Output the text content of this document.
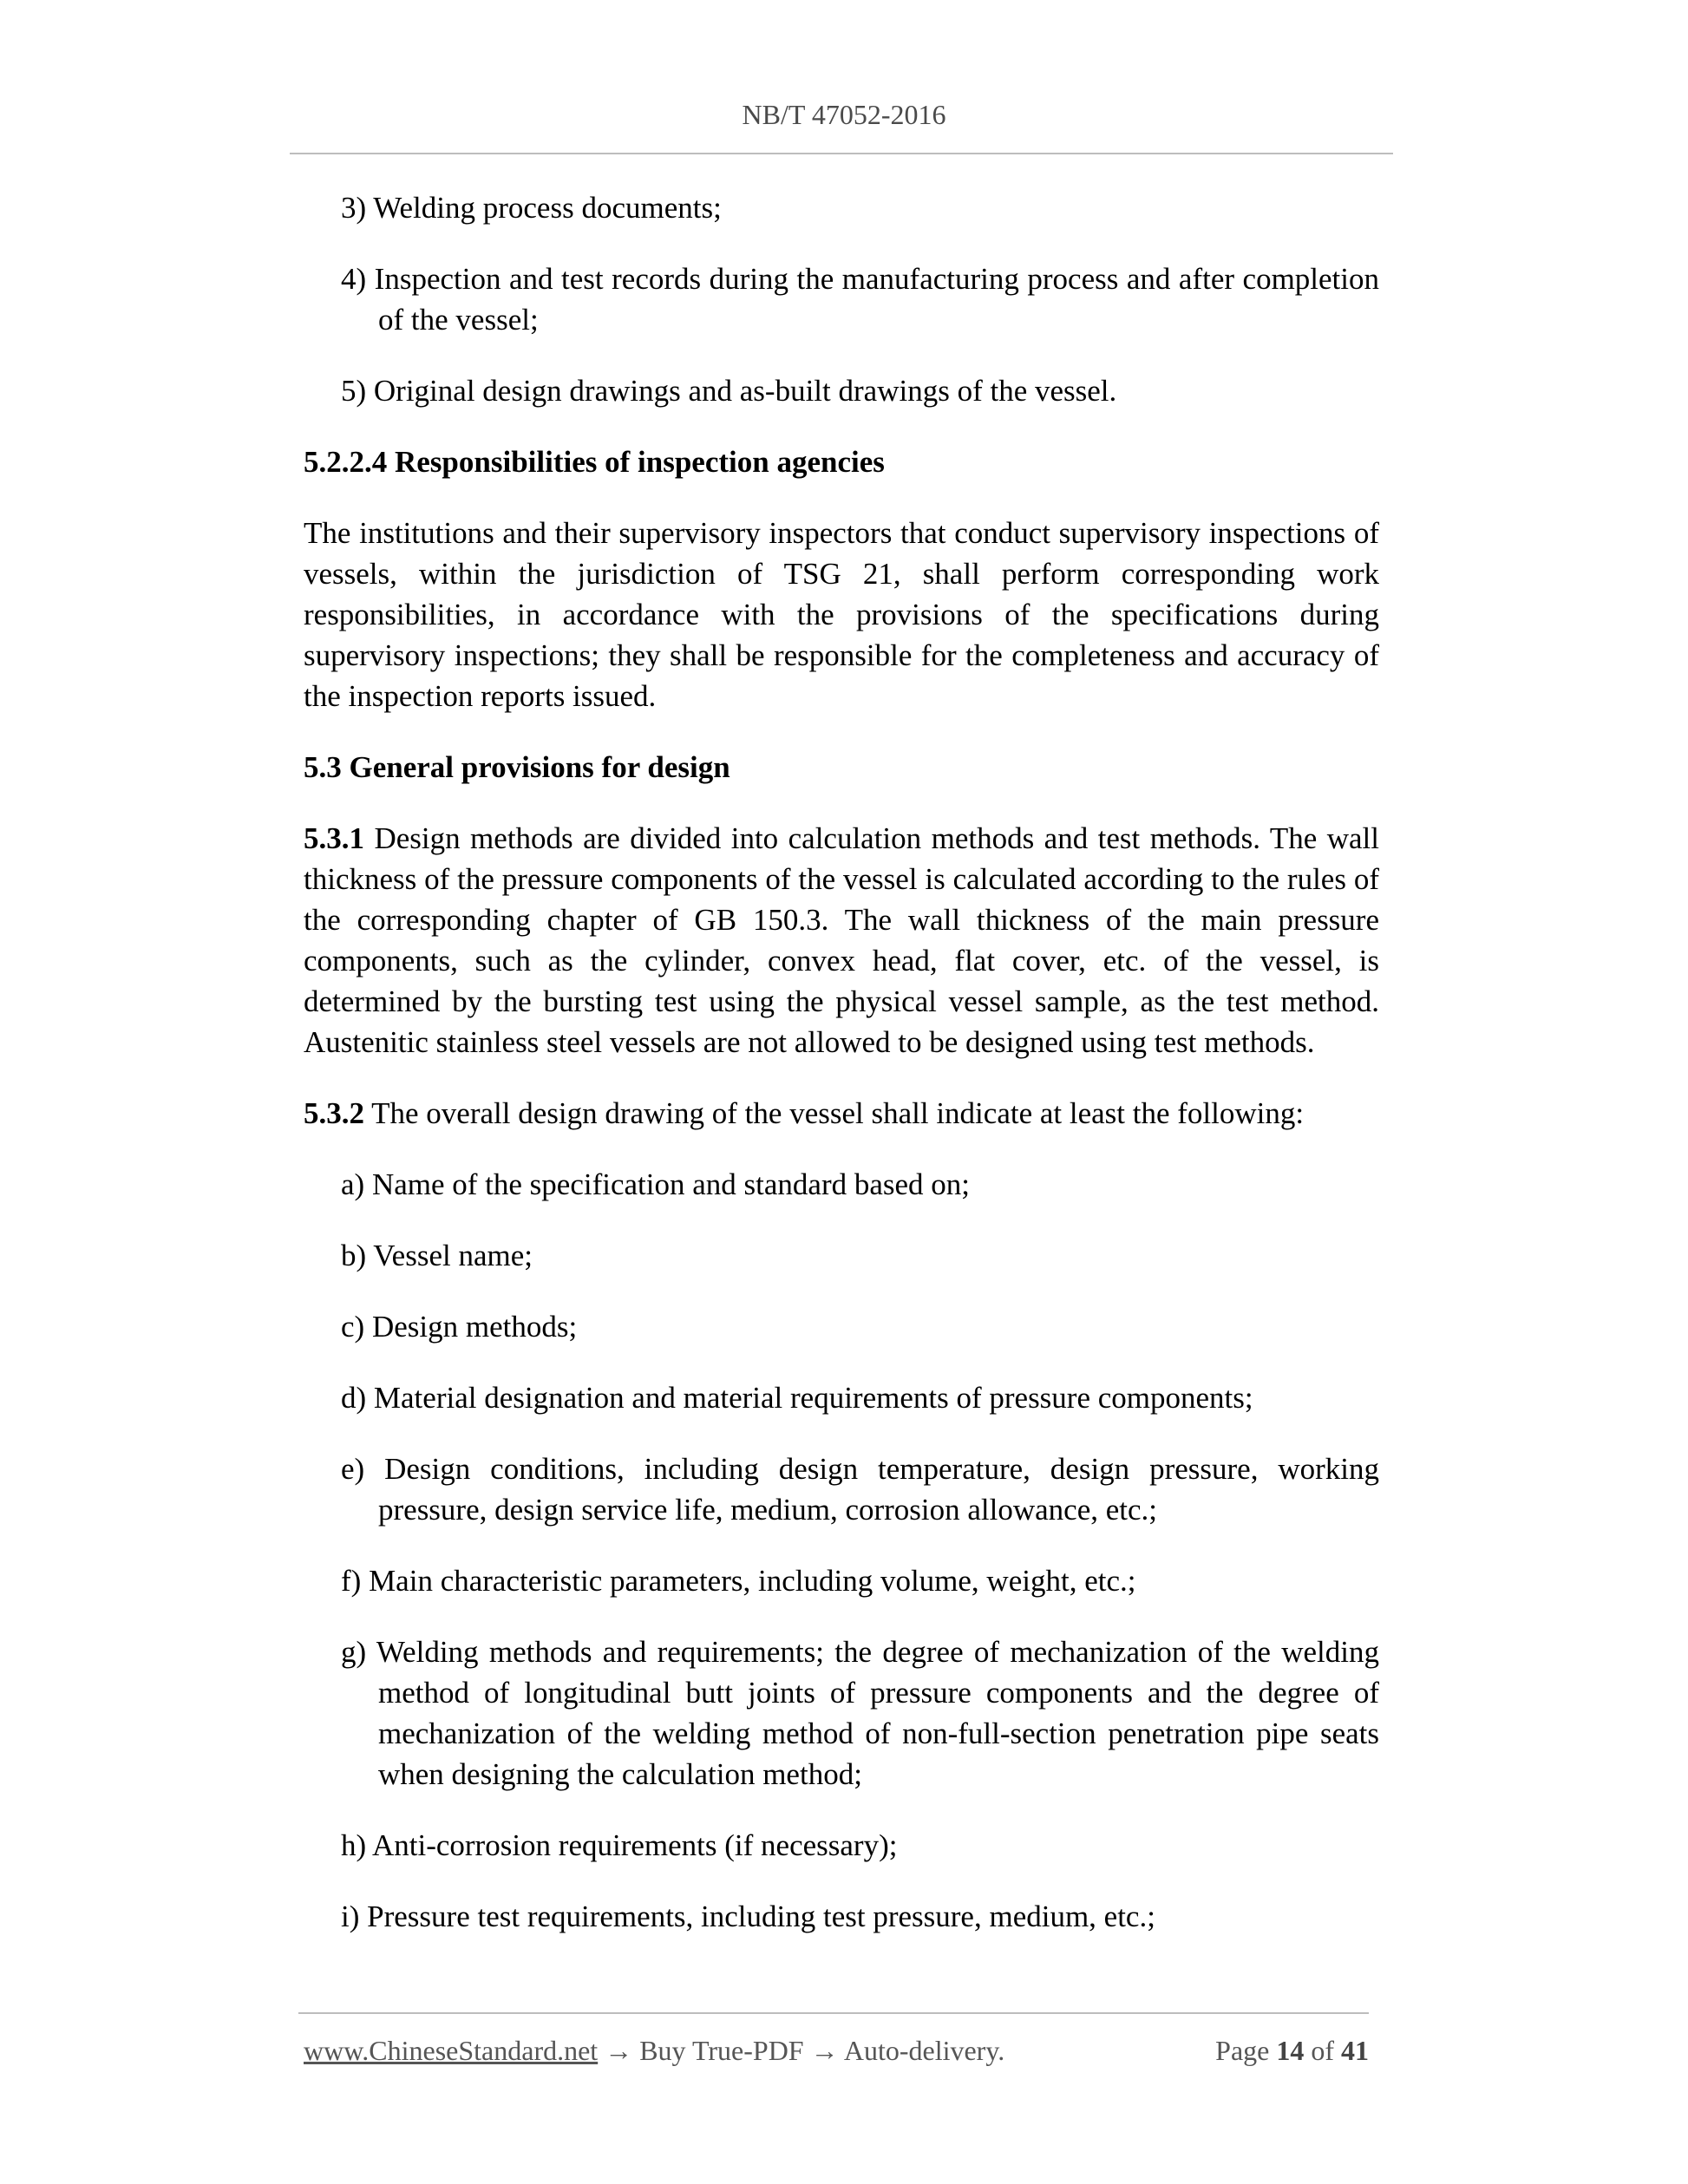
NB/T 47052-2016
3) Welding process documents;
4) Inspection and test records during the manufacturing process and after completion of the vessel;
5) Original design drawings and as-built drawings of the vessel.
5.2.2.4 Responsibilities of inspection agencies
The institutions and their supervisory inspectors that conduct supervisory inspections of vessels, within the jurisdiction of TSG 21, shall perform corresponding work responsibilities, in accordance with the provisions of the specifications during supervisory inspections; they shall be responsible for the completeness and accuracy of the inspection reports issued.
5.3 General provisions for design
5.3.1 Design methods are divided into calculation methods and test methods. The wall thickness of the pressure components of the vessel is calculated according to the rules of the corresponding chapter of GB 150.3. The wall thickness of the main pressure components, such as the cylinder, convex head, flat cover, etc. of the vessel, is determined by the bursting test using the physical vessel sample, as the test method. Austenitic stainless steel vessels are not allowed to be designed using test methods.
5.3.2 The overall design drawing of the vessel shall indicate at least the following:
a) Name of the specification and standard based on;
b) Vessel name;
c) Design methods;
d) Material designation and material requirements of pressure components;
e) Design conditions, including design temperature, design pressure, working pressure, design service life, medium, corrosion allowance, etc.;
f) Main characteristic parameters, including volume, weight, etc.;
g) Welding methods and requirements; the degree of mechanization of the welding method of longitudinal butt joints of pressure components and the degree of mechanization of the welding method of non-full-section penetration pipe seats when designing the calculation method;
h) Anti-corrosion requirements (if necessary);
i) Pressure test requirements, including test pressure, medium, etc.;
www.ChineseStandard.net → Buy True-PDF → Auto-delivery.	Page 14 of 41
